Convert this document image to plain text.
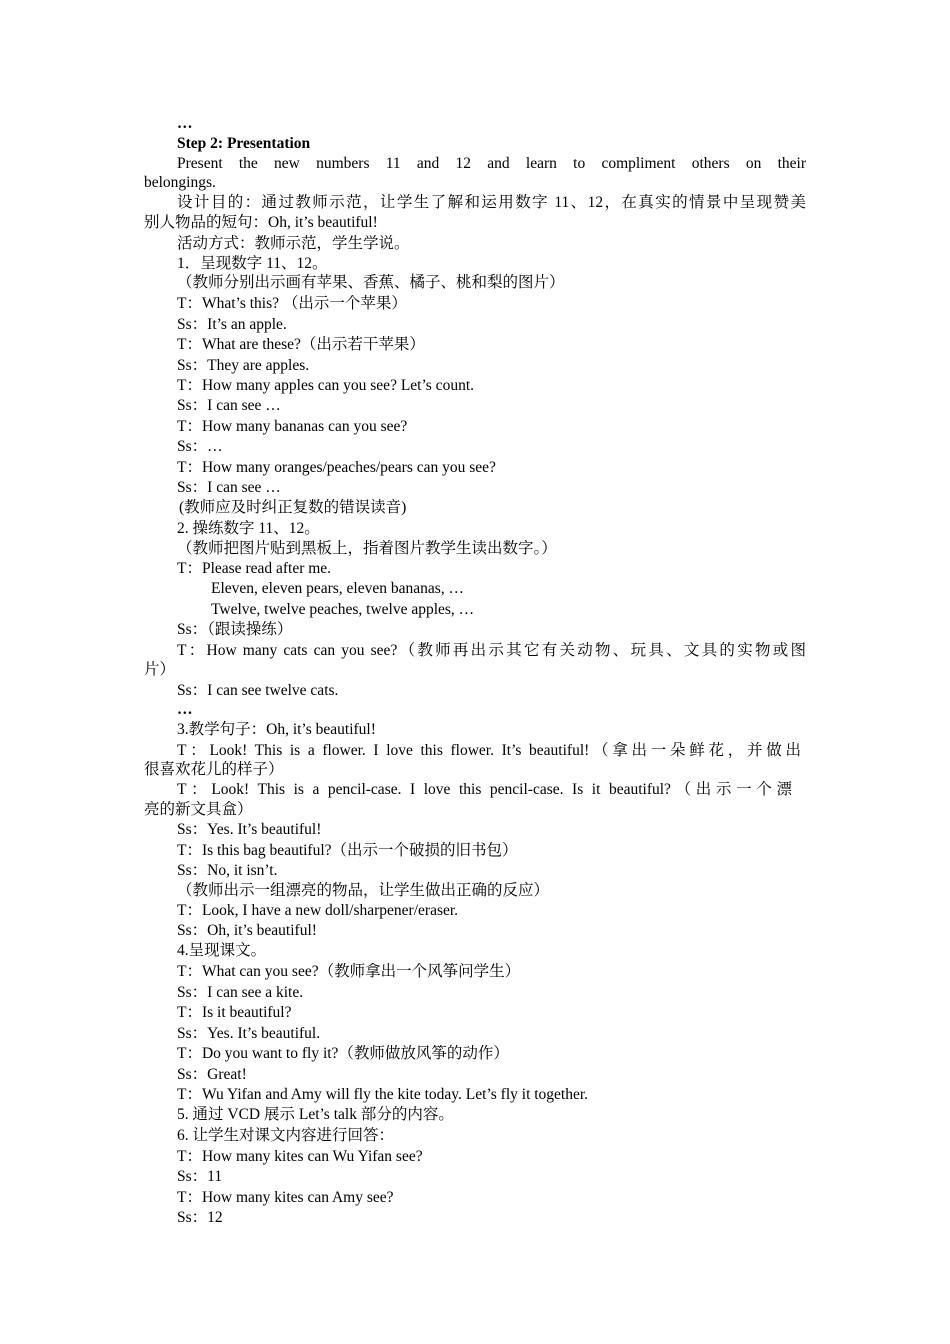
…
Step 2: Presentation
Present the new numbers 11 and 12 and learn to compliment others on their
belongings.
设计目的：通过教师示范，让学生了解和运用数字 11、12，在真实的情景中呈现赞美
别人物品的短句：Oh, it’s beautiful!
活动方式：教师示范，学生学说。
1．呈现数字 11、12。
（教师分别出示画有苹果、香蕉、橘子、桃和梨的图片）
T：What’s this? （出示一个苹果）
Ss：It’s an apple.
T：What are these?（出示若干苹果）
Ss：They are apples.
T：How many apples can you see? Let’s count.
Ss：I can see …
T：How many bananas can you see?
Ss：…
T：How many oranges/peaches/pears can you see?
Ss：I can see …
(教师应及时纠正复数的错误读音)
2. 操练数字 11、12。
（教师把图片贴到黑板上，指着图片教学生读出数字。）
T：Please read after me.
Eleven, eleven pears, eleven bananas, …
Twelve, twelve peaches, twelve apples, …
Ss：（跟读操练）
T：How many cats can you see?（教师再出示其它有关动物、玩具、文具的实物或图
片）
Ss：I can see twelve cats.
…
3.教学句子：Oh, it’s beautiful!
T：Look! This is a flower. I love this flower. It’s beautiful!（拿出一朵鲜花，并做出
很喜欢花儿的样子）
T：Look! This is a pencil-case. I love this pencil-case. Is it beautiful?（出示一个漂
亮的新文具盒）
Ss：Yes. It’s beautiful!
T：Is this bag beautiful?（出示一个破损的旧书包）
Ss：No, it isn’t.
（教师出示一组漂亮的物品，让学生做出正确的反应）
T：Look, I have a new doll/sharpener/eraser.
Ss：Oh, it’s beautiful!
4.呈现课文。
T：What can you see?（教师拿出一个风筝问学生）
Ss：I can see a kite.
T：Is it beautiful?
Ss：Yes. It’s beautiful.
T：Do you want to fly it?（教师做放风筝的动作）
Ss：Great!
T：Wu Yifan and Amy will fly the kite today. Let’s fly it together.
5. 通过 VCD 展示 Let’s talk 部分的内容。
6. 让学生对课文内容进行回答：
T：How many kites can Wu Yifan see?
Ss：11
T：How many kites can Amy see?
Ss：12
